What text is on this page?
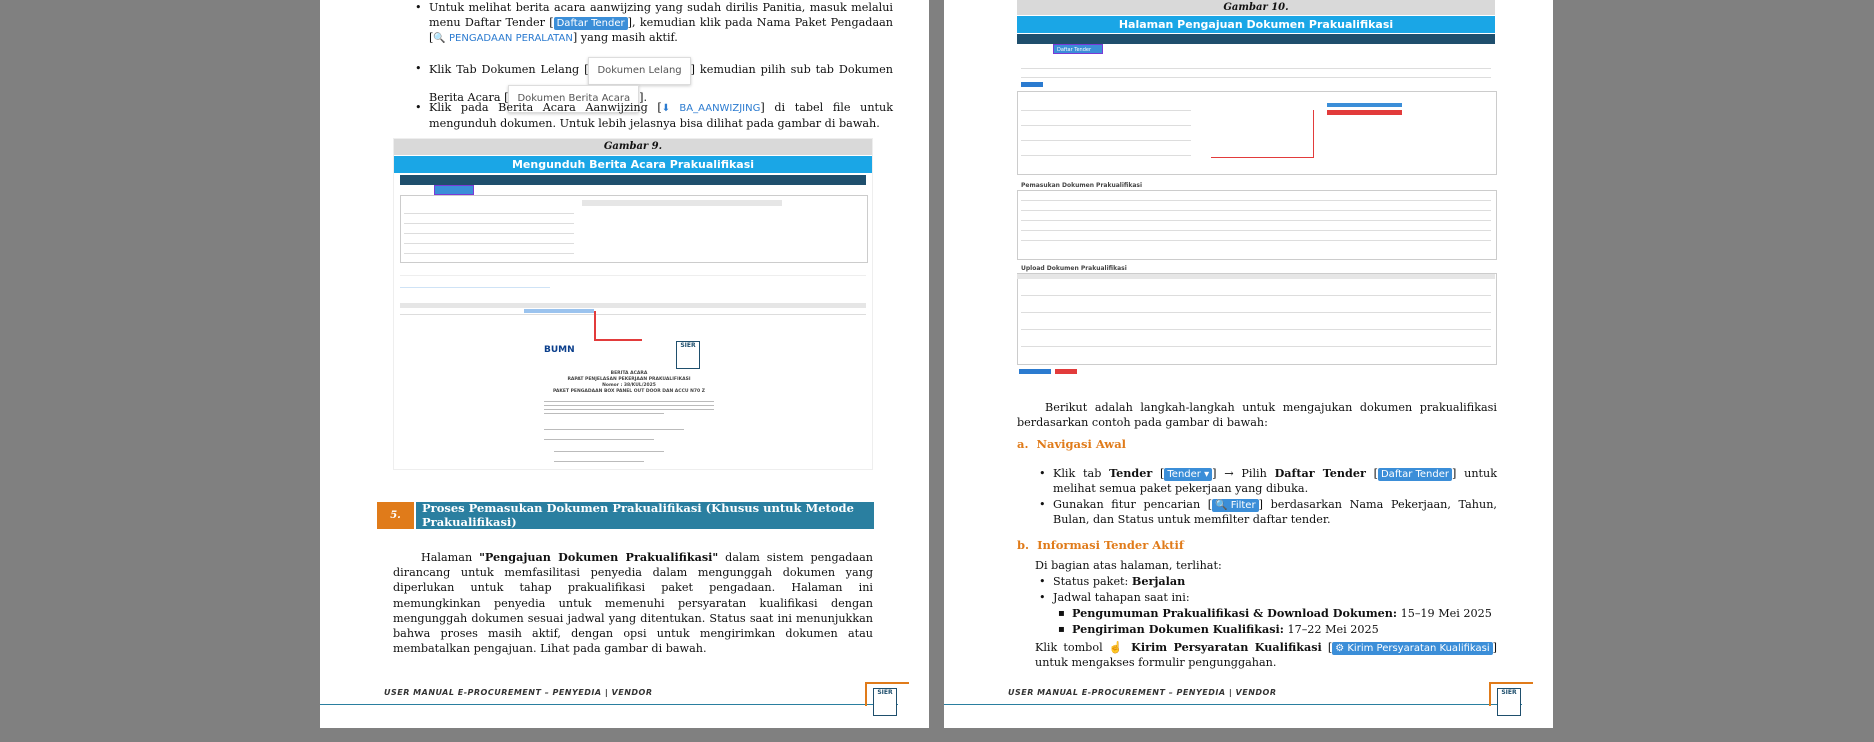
• Untuk melihat berita acara aanwijzing yang sudah dirilis Panitia, masuk melalui menu Daftar Tender [ Daftar Tender ], kemudian klik pada Nama Paket Pengadaan [🔍 PENGADAAN PERALATAN] yang masih aktif.
• Klik Tab Dokumen Lelang [ Dokumen Lelang ] kemudian pilih sub tab Dokumen Berita Acara [ Dokumen Berita Acara ].
• Klik pada Berita Acara Aanwijzing [⬇ BA_AANWIZJING] di tabel file untuk mengunduh dokumen. Untuk lebih jelasnya bisa dilihat pada gambar di bawah.
Gambar 9.
Mengunduh Berita Acara Prakualifikasi
BUMN	SIER
BERITA ACARA
RAPAT PENJELASAN PEKERJAAN PRAKUALIFIKASI
Nomor : 38/KUL/2025
PAKET PENGADAAN BOX PANEL OUT DOOR DAN ACCU N70 Z
5.
Proses Pemasukan Dokumen Prakualifikasi (Khusus untuk Metode Prakualifikasi)
Halaman "Pengajuan Dokumen Prakualifikasi" dalam sistem pengadaan dirancang untuk memfasilitasi penyedia dalam mengunggah dokumen yang diperlukan untuk tahap prakualifikasi paket pengadaan. Halaman ini memungkinkan penyedia untuk memenuhi persyaratan kualifikasi dengan mengunggah dokumen sesuai jadwal yang ditentukan. Status saat ini menunjukkan bahwa proses masih aktif, dengan opsi untuk mengirimkan dokumen atau membatalkan pengajuan. Lihat pada gambar di bawah.
USER MANUAL E-PROCUREMENT – PENYEDIA | VENDOR	SIER
Gambar 10.
Halaman Pengajuan Dokumen Prakualifikasi
Daftar Tender
Pemasukan Dokumen Prakualifikasi
Upload Dokumen Prakualifikasi
Berikut adalah langkah-langkah untuk mengajukan dokumen prakualifikasi berdasarkan contoh pada gambar di bawah:
a. Navigasi Awal
• Klik tab Tender [ Tender ▾ ] → Pilih Daftar Tender [ Daftar Tender ] untuk melihat semua paket pekerjaan yang dibuka.
• Gunakan fitur pencarian [ 🔍 Filter ] berdasarkan Nama Pekerjaan, Tahun, Bulan, dan Status untuk memfilter daftar tender.
b. Informasi Tender Aktif
Di bagian atas halaman, terlihat:
• Status paket: Berjalan
• Jadwal tahapan saat ini:
▪ Pengumuman Prakualifikasi & Download Dokumen: 15–19 Mei 2025
▪ Pengiriman Dokumen Kualifikasi: 17–22 Mei 2025
Klik tombol ☝ Kirim Persyaratan Kualifikasi [ ⚙ Kirim Persyaratan Kualifikasi ] untuk mengakses formulir pengunggahan.
USER MANUAL E-PROCUREMENT – PENYEDIA | VENDOR	SIER
